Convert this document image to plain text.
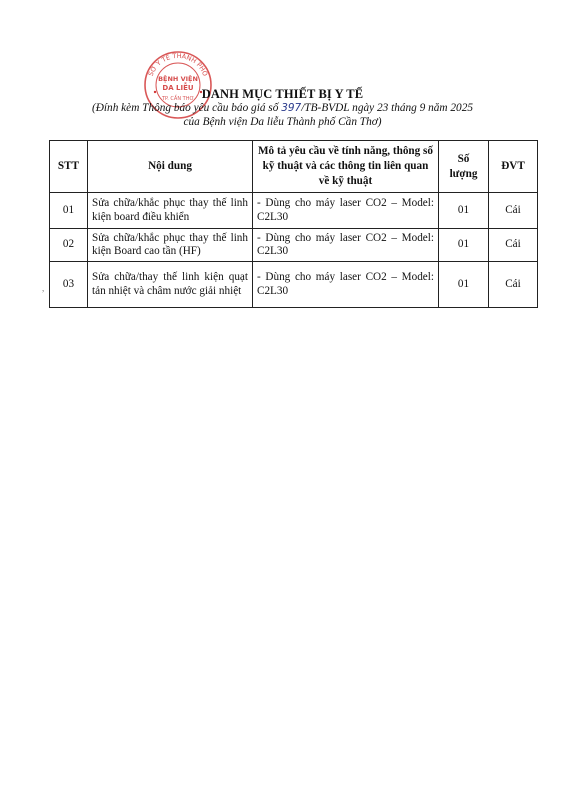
SỞ Y TẾ THÀNH PHỐ
BỆNH VIỆN
DA LIỄU
TP. CẦN THƠ DANH MỤC THIẾT BỊ Y TẾ
(Đính kèm Thông báo yêu cầu báo giá số 397/TB-BVDL ngày 23 tháng 9 năm 2025
của Bệnh viện Da liễu Thành phố Cần Thơ)
,
STT	Nội dung	Mô tả yêu cầu về tính năng, thông số kỹ thuật và các thông tin liên quan về kỹ thuật	Số lượng	ĐVT
01	Sửa chữa/khắc phục thay thế linh kiện board điều khiển	- Dùng cho máy laser CO2 – Model: C2L30	01	Cái
02	Sửa chữa/khắc phục thay thế linh kiện Board cao tần (HF)	- Dùng cho máy laser CO2 – Model: C2L30	01	Cái
03	Sửa chữa/thay thế linh kiện quạt tản nhiệt và châm nước giải nhiệt	- Dùng cho máy laser CO2 – Model: C2L30	01	Cái
